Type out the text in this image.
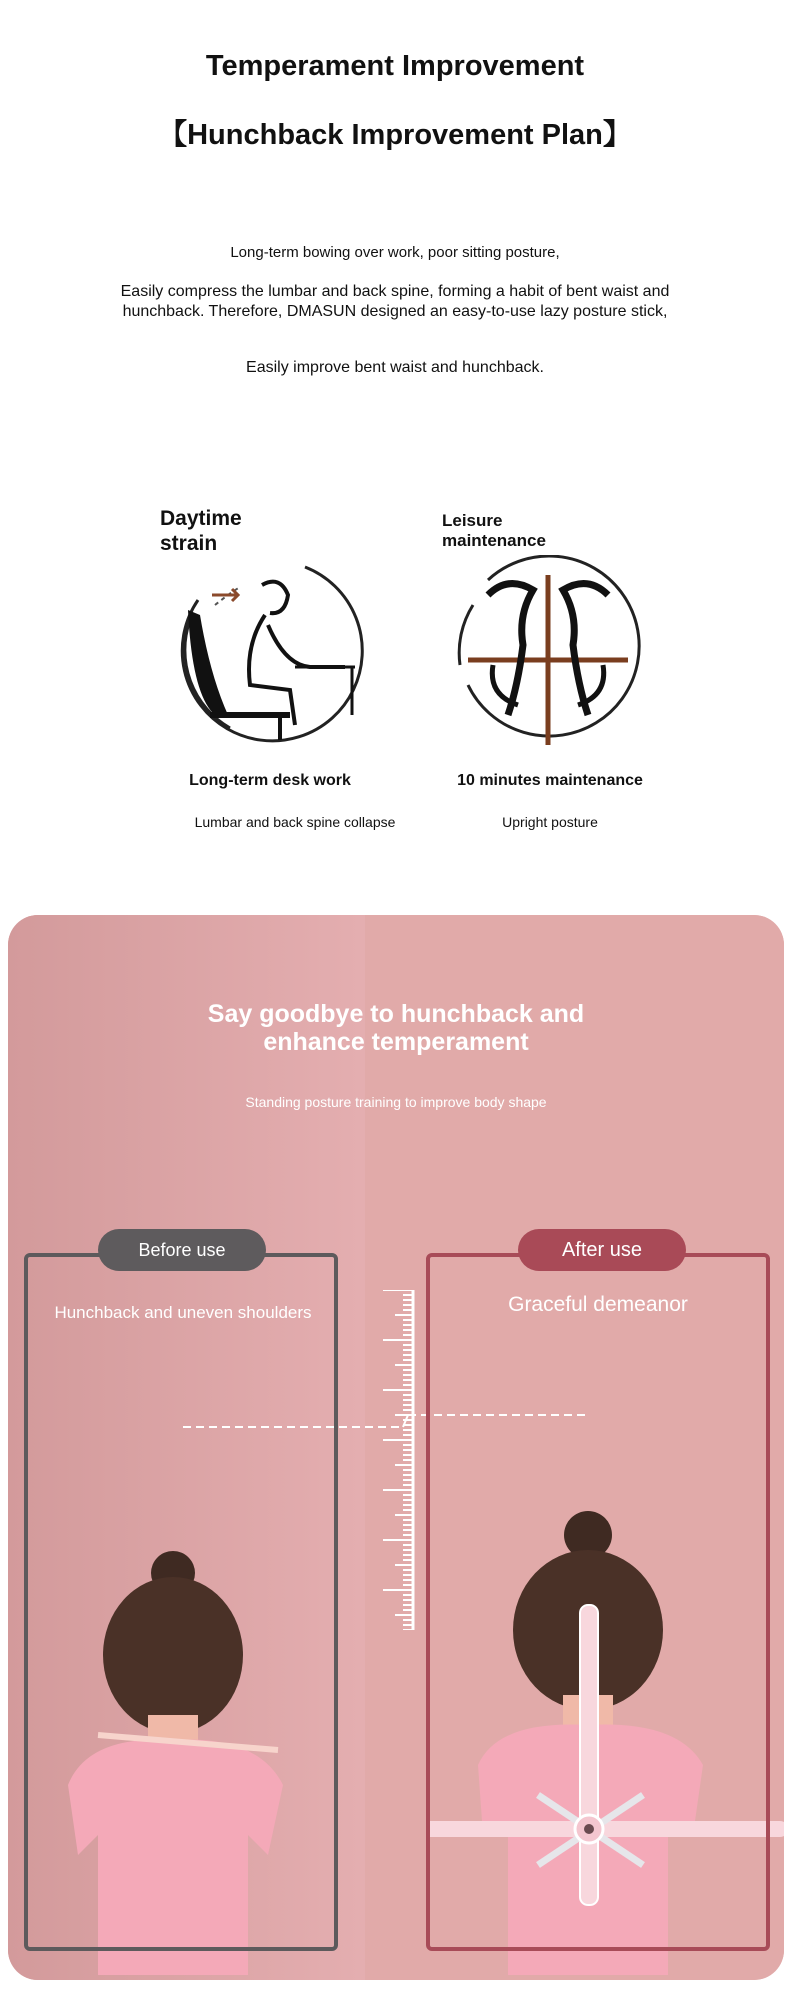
Temperament Improvement
【Hunchback Improvement Plan】
Long-term bowing over work, poor sitting posture,
Easily compress the lumbar and back spine, forming a habit of bent waist and hunchback. Therefore, DMASUN designed an easy-to-use lazy posture stick,
Easily improve bent waist and hunchback.
Daytime strain
Leisure maintenance
Long-term desk work	10 minutes maintenance
Lumbar and back spine collapse	Upright posture
Say goodbye to hunchback and enhance temperament
Standing posture training to improve body shape
Before use	After use
Hunchback and uneven shoulders	Graceful demeanor
